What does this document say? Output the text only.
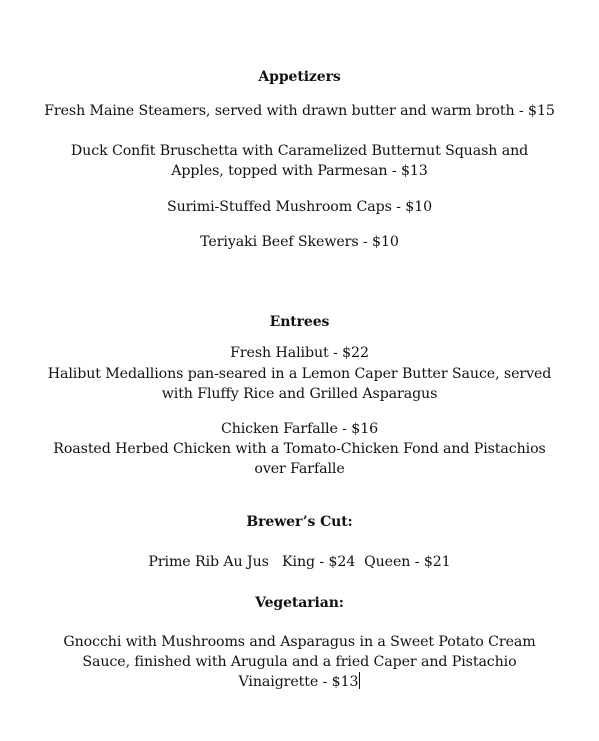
Appetizers
Fresh Maine Steamers, served with drawn butter and warm broth - $15
Duck Confit Bruschetta with Caramelized Butternut Squash and
Apples, topped with Parmesan - $13
Surimi-Stuffed Mushroom Caps - $10
Teriyaki Beef Skewers - $10
Entrees
Fresh Halibut - $22
Halibut Medallions pan-seared in a Lemon Caper Butter Sauce, served
with Fluffy Rice and Grilled Asparagus
Chicken Farfalle - $16
Roasted Herbed Chicken with a Tomato-Chicken Fond and Pistachios
over Farfalle
Brewer’s Cut:
Prime Rib Au Jus   King - $24  Queen - $21
Vegetarian:
Gnocchi with Mushrooms and Asparagus in a Sweet Potato Cream
Sauce, finished with Arugula and a fried Caper and Pistachio
Vinaigrette - $13
